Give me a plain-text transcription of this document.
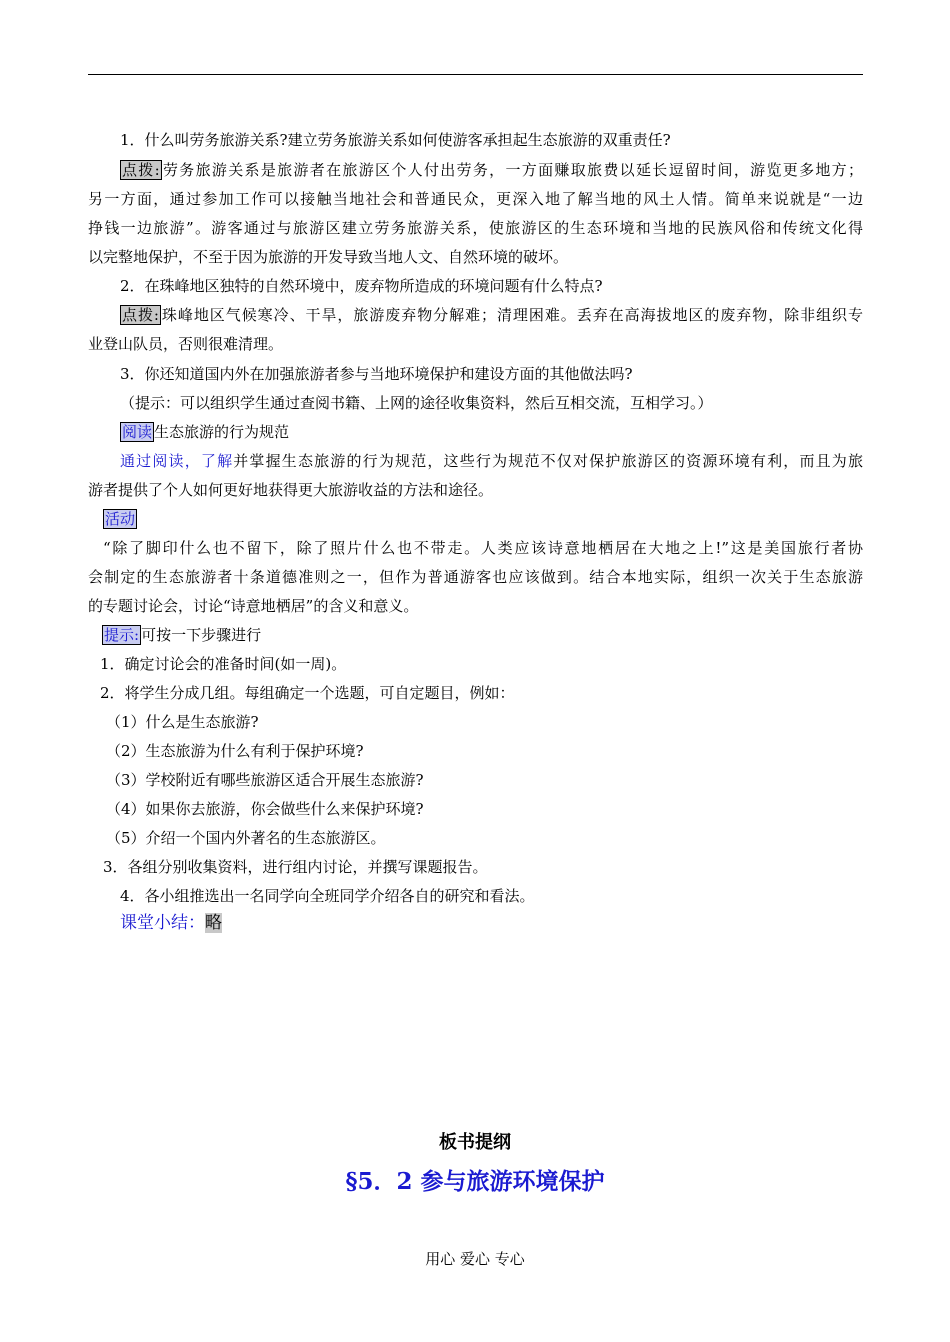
1．什么叫劳务旅游关系?建立劳务旅游关系如何使游客承担起生态旅游的双重责任?
点拨: 劳务旅游关系是旅游者在旅游区个人付出劳务，一方面赚取旅费以延长逗留时间，游览更多地方；
另一方面，通过参加工作可以接触当地社会和普通民众，更深入地了解当地的风土人情。简单来说就是“一边
挣钱一边旅游”。游客通过与旅游区建立劳务旅游关系，使旅游区的生态环境和当地的民族风俗和传统文化得
以完整地保护，不至于因为旅游的开发导致当地人文、自然环境的破坏。
2．在珠峰地区独特的自然环境中，废弃物所造成的环境问题有什么特点?
点拨: 珠峰地区气候寒冷、干旱，旅游废弃物分解难；清理困难。丢弃在高海拔地区的废弃物，除非组织专
业登山队员，否则很难清理。
3．你还知道国内外在加强旅游者参与当地环境保护和建设方面的其他做法吗?
（提示：可以组织学生通过查阅书籍、上网的途径收集资料，然后互相交流，互相学习。）
阅读 生态旅游的行为规范
通过阅读，了解并掌握生态旅游的行为规范，这些行为规范不仅对保护旅游区的资源环境有利，而且为旅
游者提供了个人如何更好地获得更大旅游收益的方法和途径。
活动
“除了脚印什么也不留下，除了照片什么也不带走。人类应该诗意地栖居在大地之上!”这是美国旅行者协
会制定的生态旅游者十条道德准则之一，但作为普通游客也应该做到。结合本地实际，组织一次关于生态旅游
的专题讨论会，讨论“诗意地栖居”的含义和意义。
提示: 可按一下步骤进行
1．确定讨论会的准备时间(如一周)。
2．将学生分成几组。每组确定一个选题，可自定题目，例如：
（1）什么是生态旅游?
（2）生态旅游为什么有利于保护环境?
（3）学校附近有哪些旅游区适合开展生态旅游?
（4）如果你去旅游，你会做些什么来保护环境?
（5）介绍一个国内外著名的生态旅游区。
3．各组分别收集资料，进行组内讨论，并撰写课题报告。
4．各小组推选出一名同学向全班同学介绍各自的研究和看法。
课堂小结：略
板书提纲
§5．2 参与旅游环境保护
用心 爱心 专心
